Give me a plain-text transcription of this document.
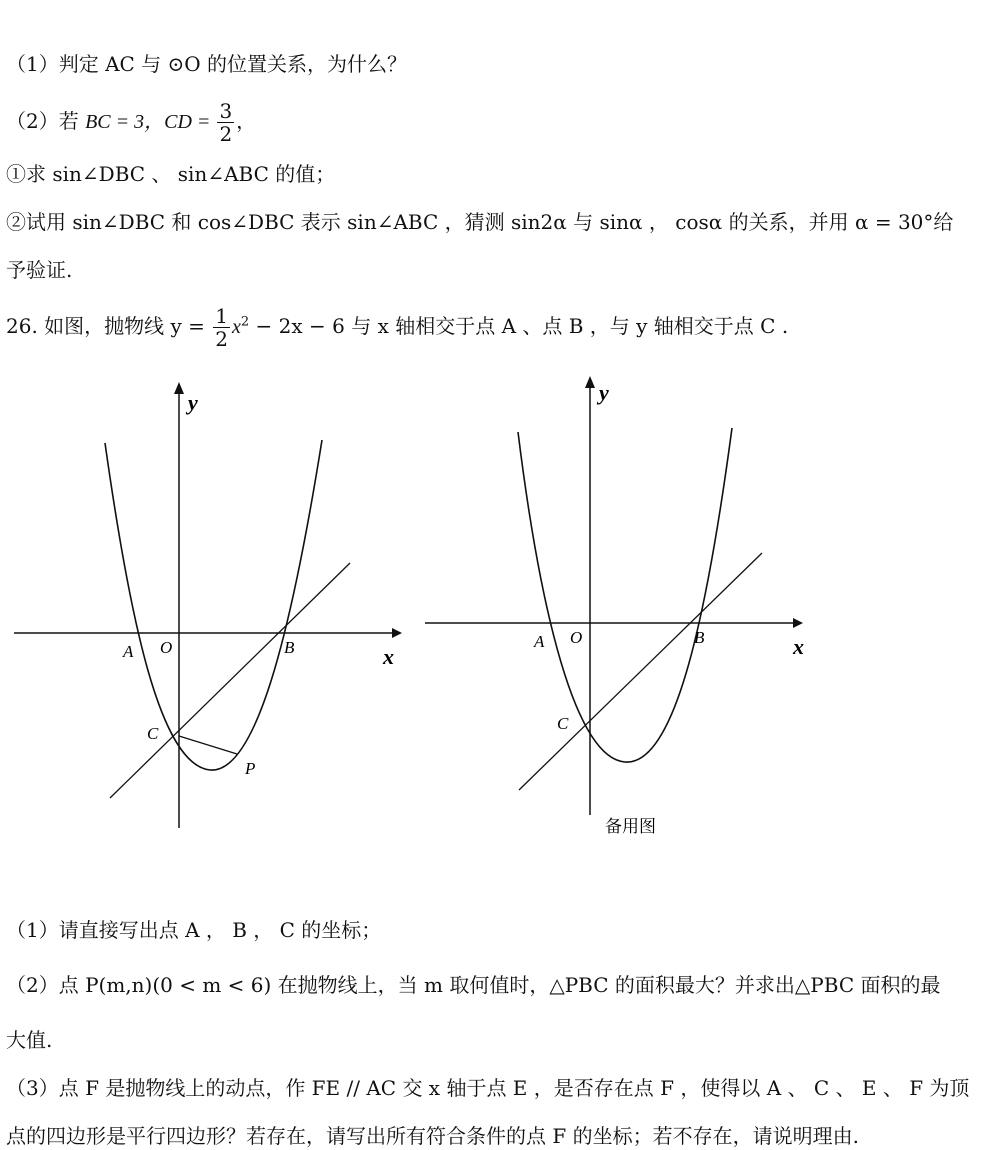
（1）判定 AC 与 ⊙O 的位置关系，为什么？
（2）若 BC = 3，CD = $\frac{3}{2}$ ，
①求 sin∠DBC 、 sin∠ABC 的值；
②试用 sin∠DBC 和 cos∠DBC 表示 sin∠ABC ，猜测 sin2α 与 sinα ， cosα 的关系，并用 α = 30°给
予验证.
26. 如图，抛物线 $y = \frac{1}{2} x^2 - 2x - 6$ 与 x 轴相交于点 A 、点 B ，与 y 轴相交于点 C .
y
x
A O	B
C
P
y
x
A O	B
C
备用图
（1）请直接写出点 A ， B ， C 的坐标；
（2）点 P(m,n)(0 < m < 6) 在抛物线上，当 m 取何值时，△PBC 的面积最大？并求出△PBC 面积的最
大值.
（3）点 F 是抛物线上的动点，作 FE // AC 交 x 轴于点 E ，是否存在点 F ，使得以 A 、 C 、 E 、 F 为顶
点的四边形是平行四边形？若存在，请写出所有符合条件的点 F 的坐标；若不存在，请说明理由.
